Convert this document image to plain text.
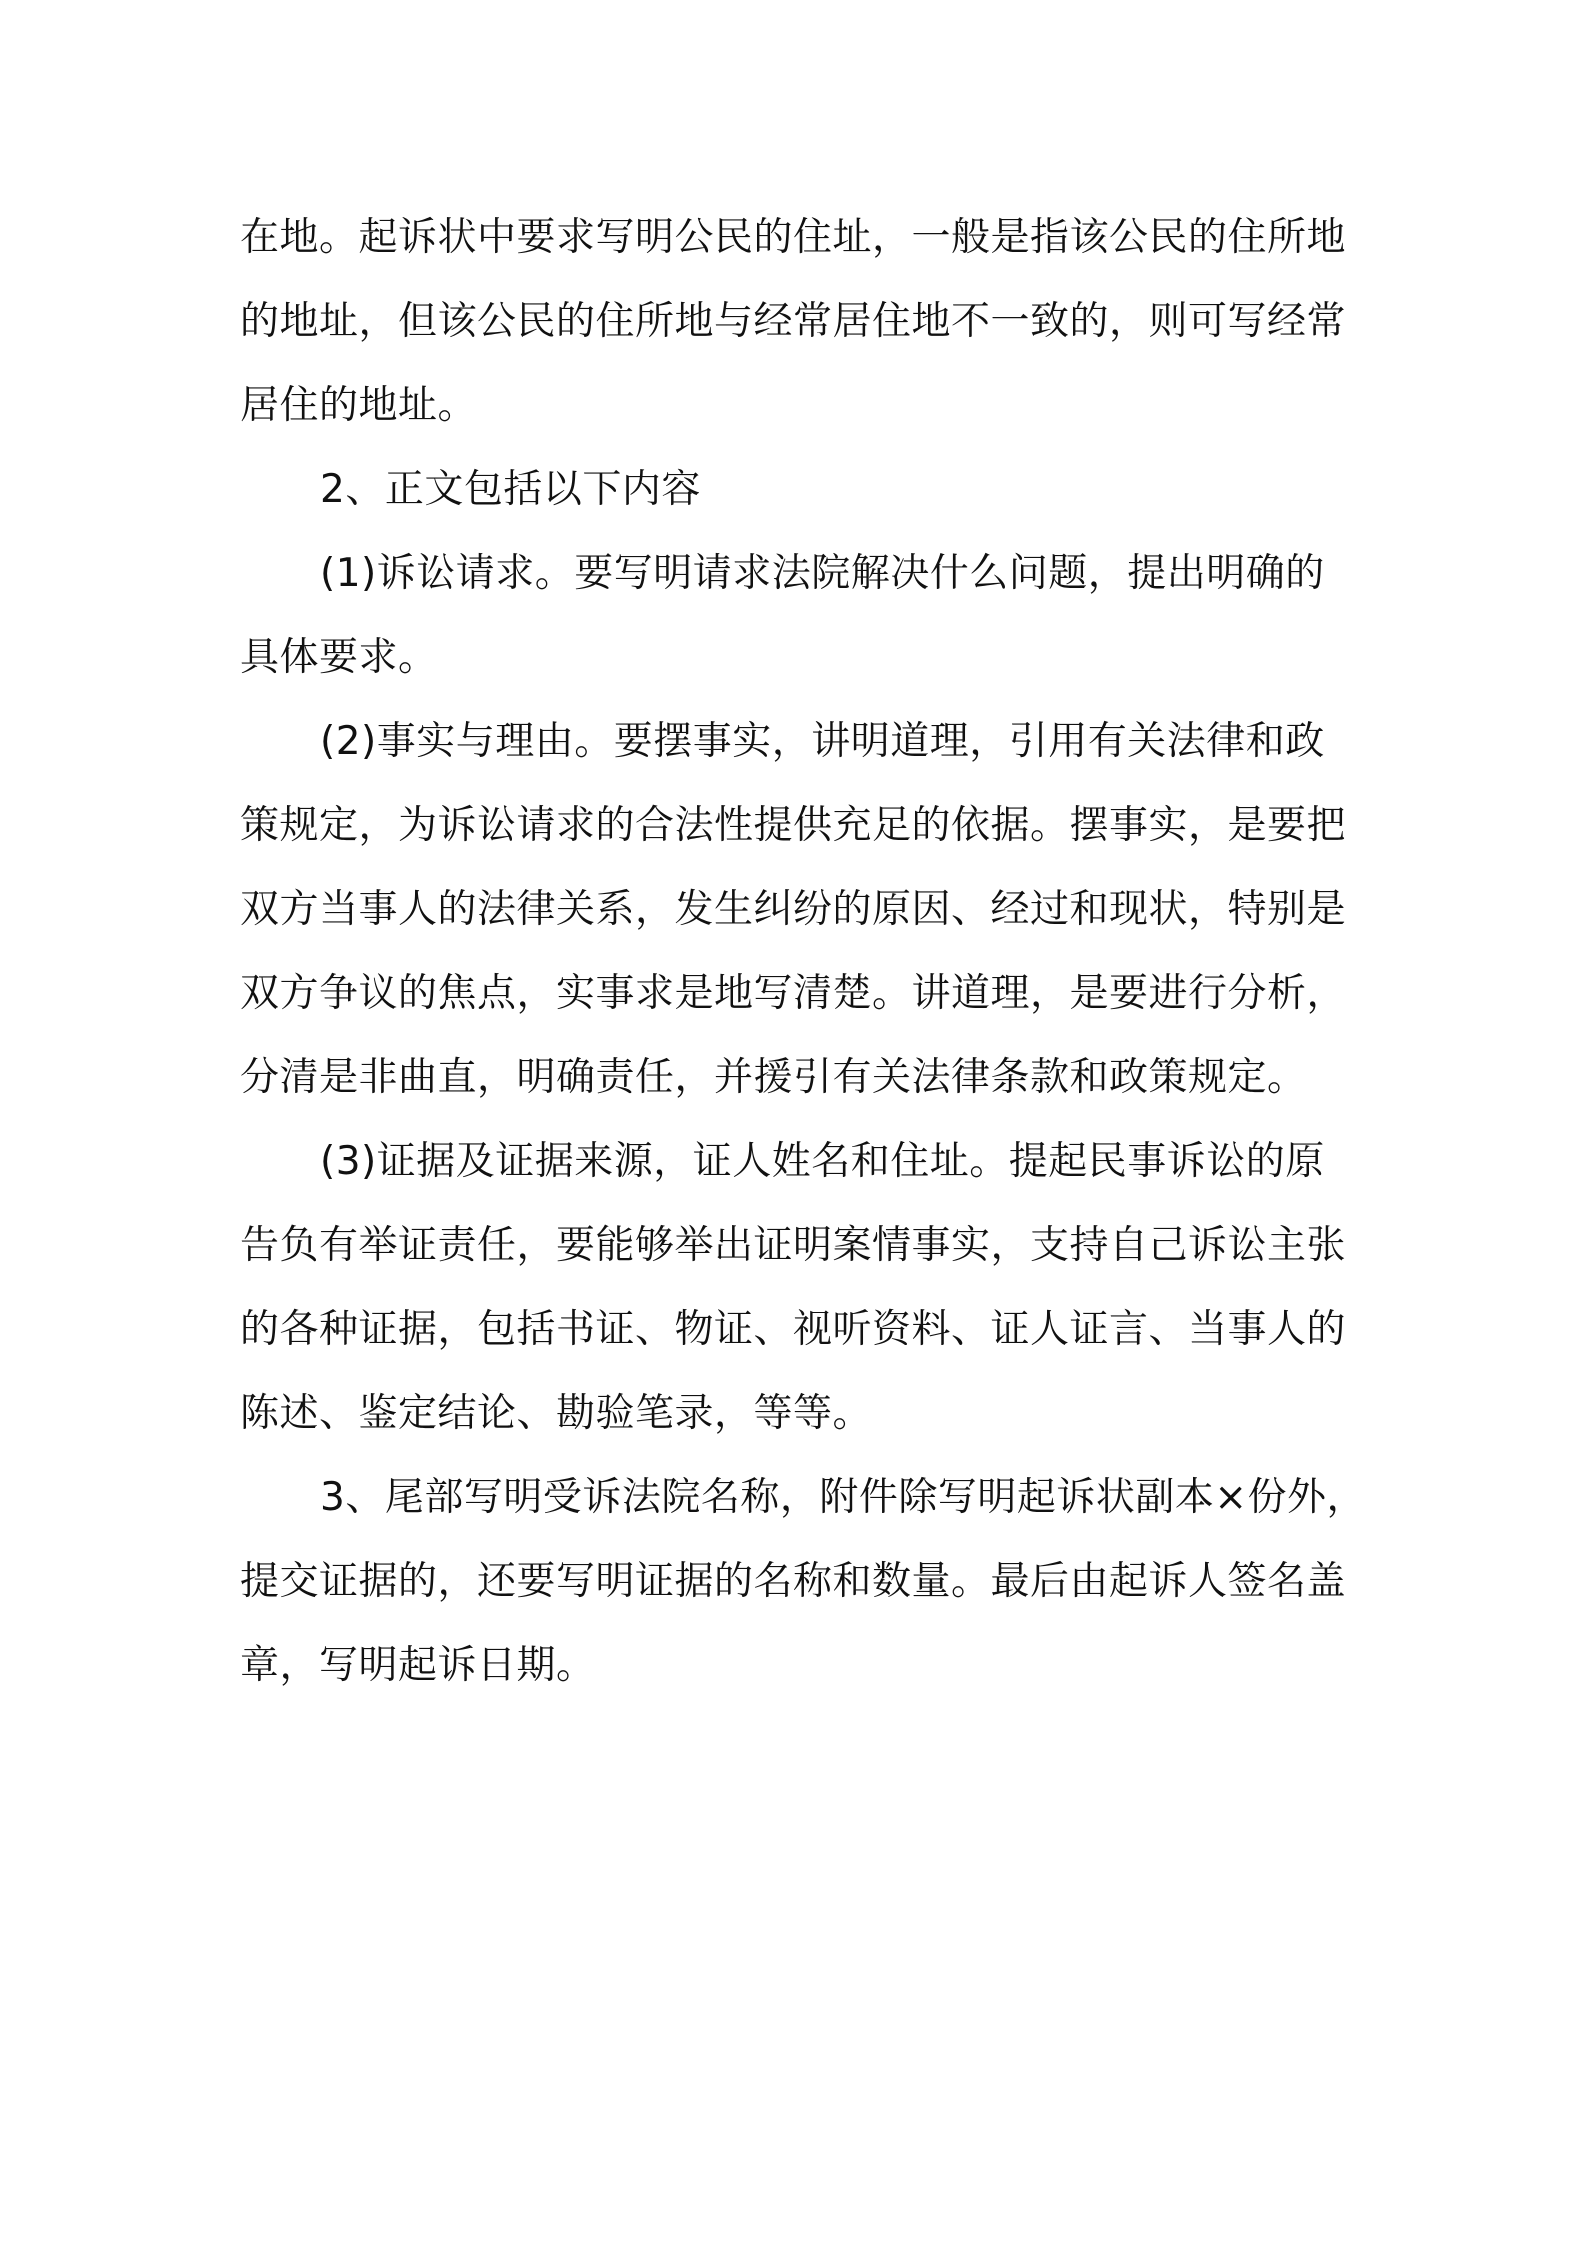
在地。起诉状中要求写明公民的住址，一般是指该公民的住所地
的地址，但该公民的住所地与经常居住地不一致的，则可写经常
居住的地址。
2、正文包括以下内容
(1)诉讼请求。要写明请求法院解决什么问题，提出明确的
具体要求。
(2)事实与理由。要摆事实，讲明道理，引用有关法律和政
策规定，为诉讼请求的合法性提供充足的依据。摆事实，是要把
双方当事人的法律关系，发生纠纷的原因、经过和现状，特别是
双方争议的焦点，实事求是地写清楚。讲道理，是要进行分析，
分清是非曲直，明确责任，并援引有关法律条款和政策规定。
(3)证据及证据来源，证人姓名和住址。提起民事诉讼的原
告负有举证责任，要能够举出证明案情事实，支持自己诉讼主张
的各种证据，包括书证、物证、视听资料、证人证言、当事人的
陈述、鉴定结论、勘验笔录，等等。
3、尾部写明受诉法院名称，附件除写明起诉状副本×份外，
提交证据的，还要写明证据的名称和数量。最后由起诉人签名盖
章，写明起诉日期。
